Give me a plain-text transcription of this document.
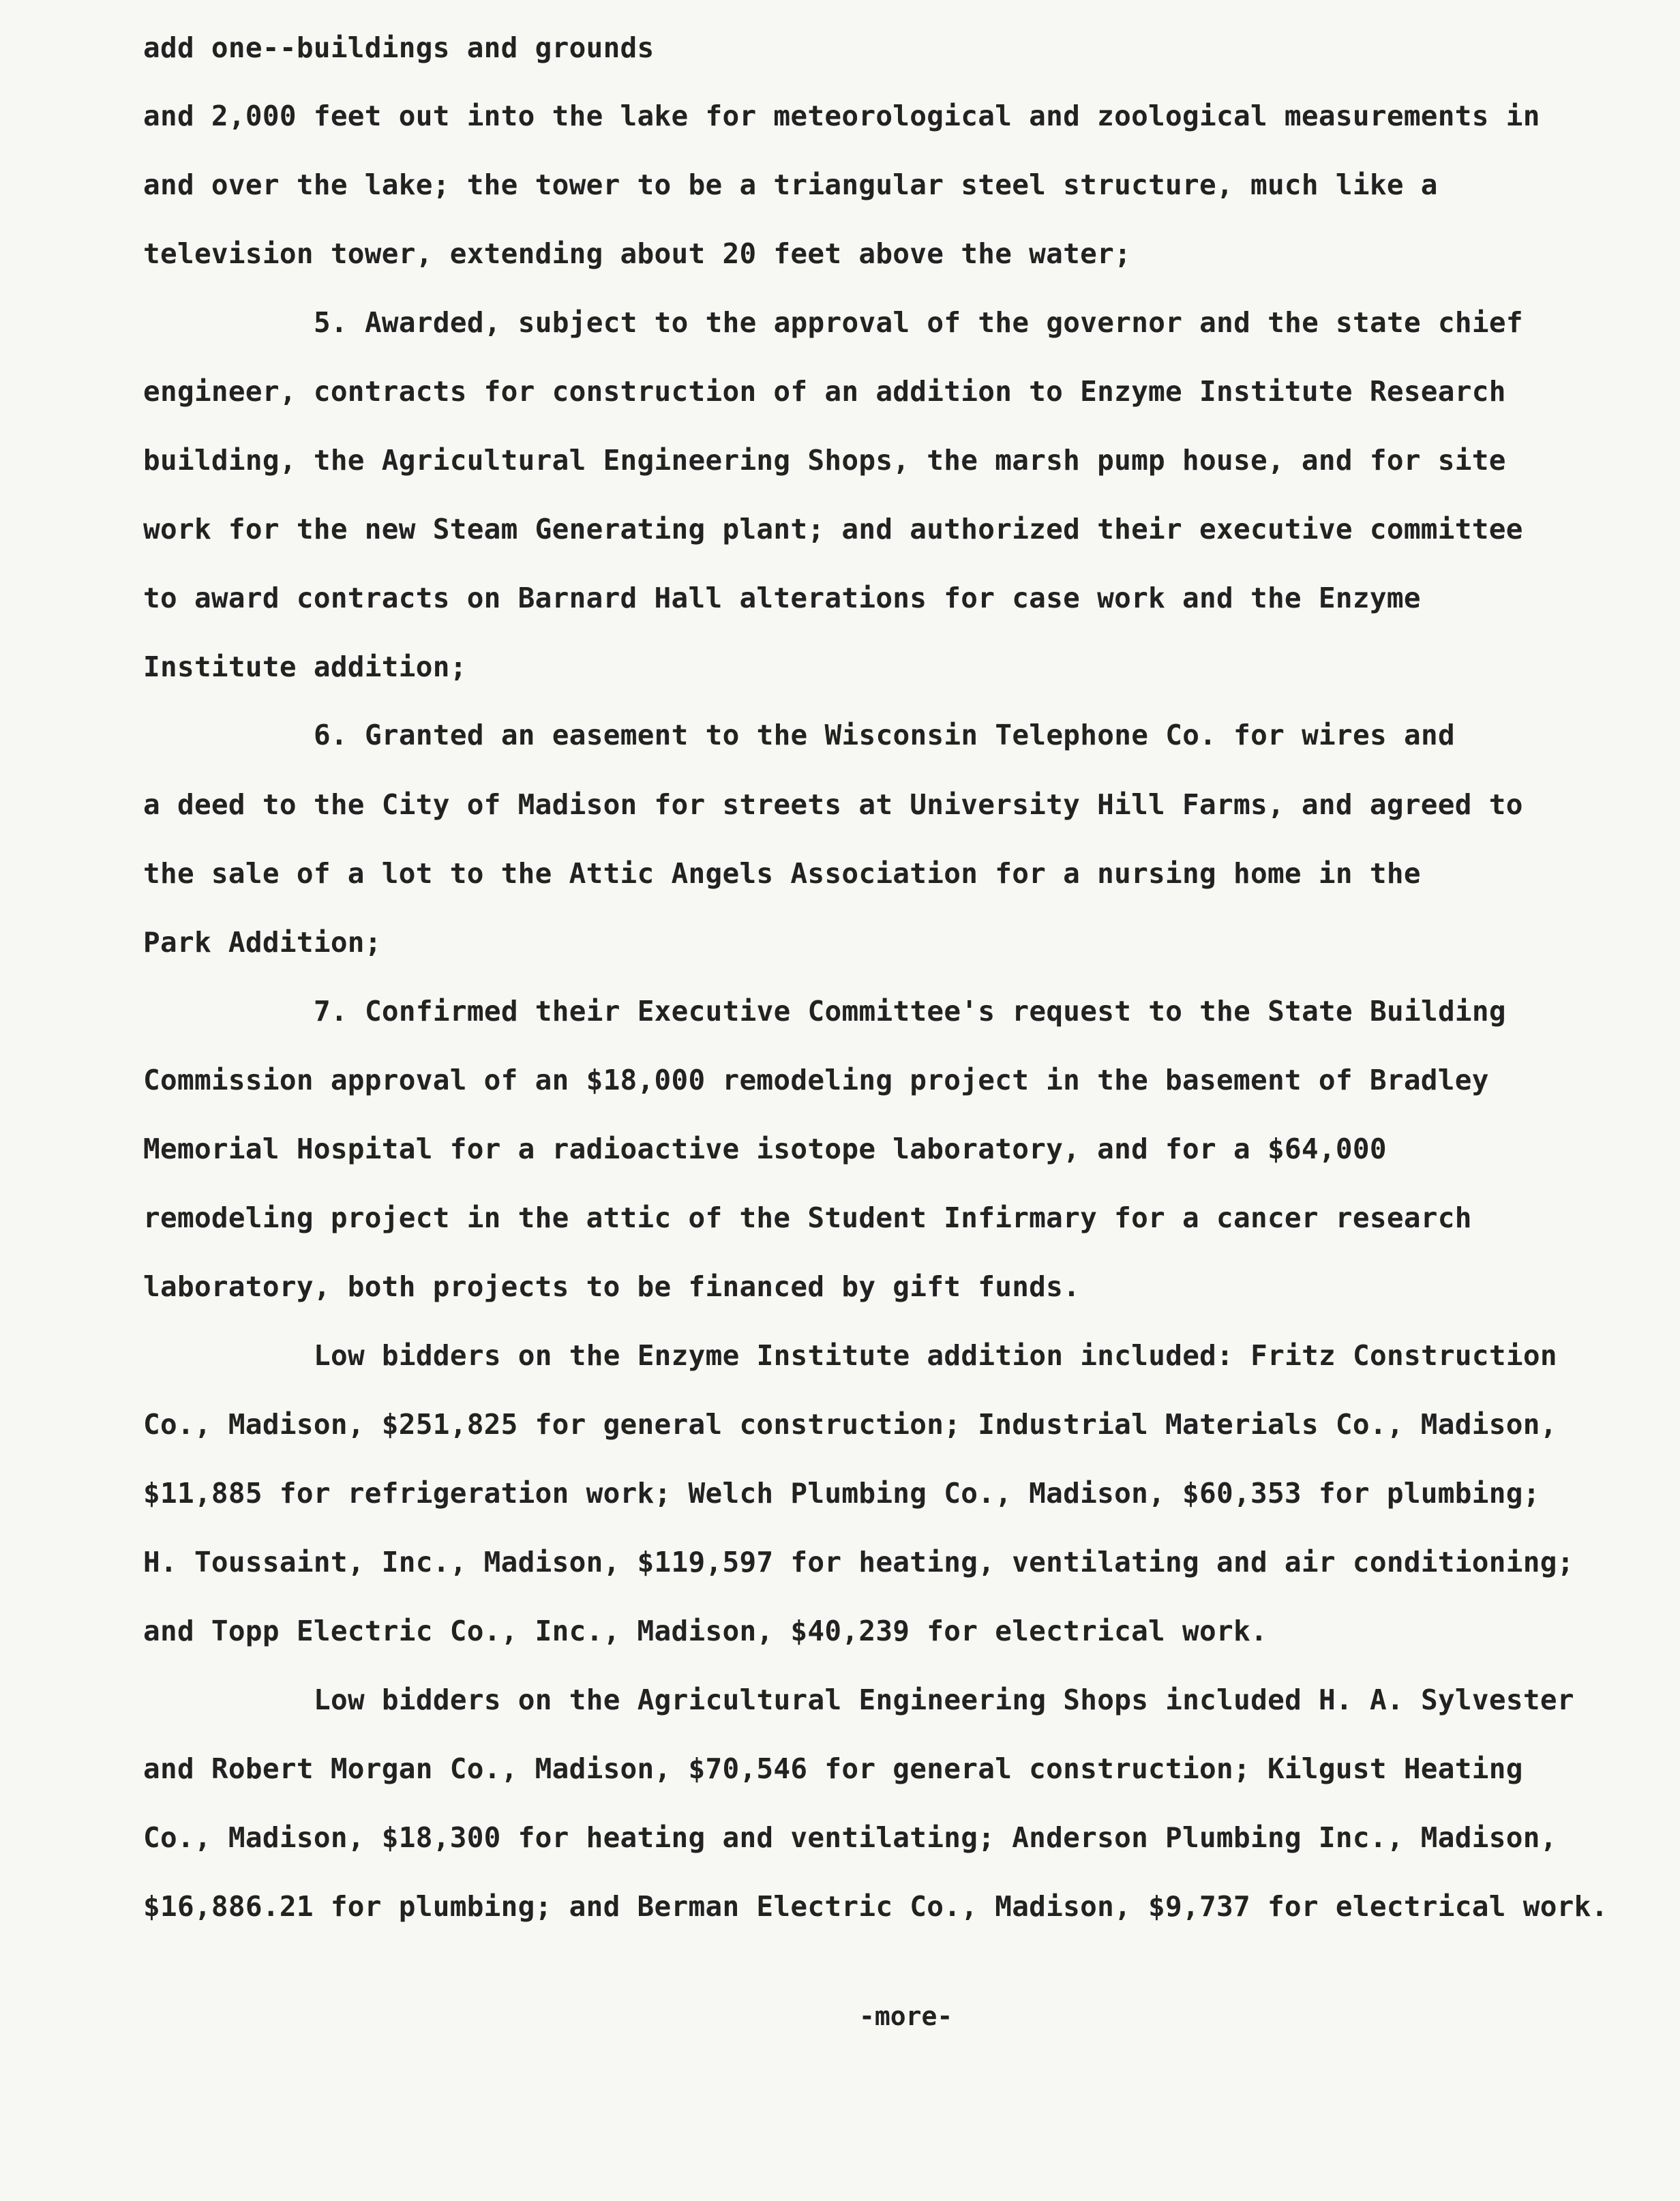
add one--buildings and grounds
and 2,000 feet out into the lake for meteorological and zoological measurements in
and over the lake; the tower to be a triangular steel structure, much like a
television tower, extending about 20 feet above the water;
5. Awarded, subject to the approval of the governor and the state chief
engineer, contracts for construction of an addition to Enzyme Institute Research
building, the Agricultural Engineering Shops, the marsh pump house, and for site
work for the new Steam Generating plant; and authorized their executive committee
to award contracts on Barnard Hall alterations for case work and the Enzyme
Institute addition;
6. Granted an easement to the Wisconsin Telephone Co. for wires and
a deed to the City of Madison for streets at University Hill Farms, and agreed to
the sale of a lot to the Attic Angels Association for a nursing home in the
Park Addition;
7. Confirmed their Executive Committee's request to the State Building
Commission approval of an $18,000 remodeling project in the basement of Bradley
Memorial Hospital for a radioactive isotope laboratory, and for a $64,000
remodeling project in the attic of the Student Infirmary for a cancer research
laboratory, both projects to be financed by gift funds.
Low bidders on the Enzyme Institute addition included: Fritz Construction
Co., Madison, $251,825 for general construction; Industrial Materials Co., Madison,
$11,885 for refrigeration work; Welch Plumbing Co., Madison, $60,353 for plumbing;
H. Toussaint, Inc., Madison, $119,597 for heating, ventilating and air conditioning;
and Topp Electric Co., Inc., Madison, $40,239 for electrical work.
Low bidders on the Agricultural Engineering Shops included H. A. Sylvester
and Robert Morgan Co., Madison, $70,546 for general construction; Kilgust Heating
Co., Madison, $18,300 for heating and ventilating; Anderson Plumbing Inc., Madison,
$16,886.21 for plumbing; and Berman Electric Co., Madison, $9,737 for electrical work.
-more-
